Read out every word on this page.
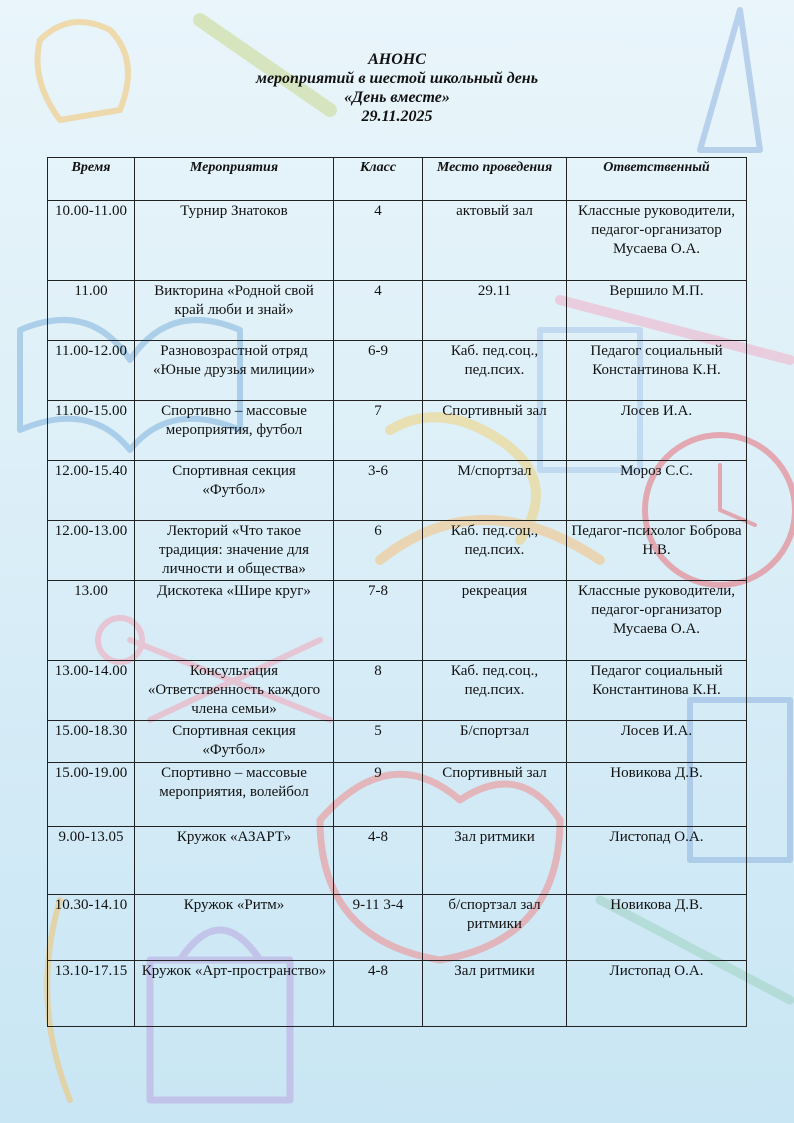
АНОНС
мероприятий в шестой школьный день
«День вместе»
29.11.2025
Время	Мероприятия	Класс	Место проведения	Ответственный
10.00-11.00	Турнир Знатоков	4	актовый зал	Классные руководители, педагог-организатор Мусаева О.А.
11.00	Викторина «Родной свой край люби и знай»	4	29.11	Вершило М.П.
11.00-12.00	Разновозрастной отряд «Юные друзья милиции»	6-9	Каб. пед.соц., пед.псих.	Педагог социальный Константинова К.Н.
11.00-15.00	Спортивно – массовые мероприятия, футбол	7	Спортивный зал	Лосев И.А.
12.00-15.40	Спортивная секция «Футбол»	3-6	М/спортзал	Мороз С.С.
12.00-13.00	Лекторий «Что такое традиция: значение для личности и общества»	6	Каб. пед.соц., пед.псих.	Педагог-психолог Боброва Н.В.
13.00	Дискотека «Шире круг»	7-8	рекреация	Классные руководители, педагог-организатор Мусаева О.А.
13.00-14.00	Консультация «Ответственность каждого члена семьи»	8	Каб. пед.соц., пед.псих.	Педагог социальный Константинова К.Н.
15.00-18.30	Спортивная секция «Футбол»	5	Б/спортзал	Лосев И.А.
15.00-19.00	Спортивно – массовые мероприятия, волейбол	9	Спортивный зал	Новикова Д.В.
9.00-13.05	Кружок «АЗАРТ»	4-8	Зал ритмики	Листопад О.А.
10.30-14.10	Кружок «Ритм»	9-11 3-4	б/спортзал зал ритмики	Новикова Д.В.
13.10-17.15	Кружок «Арт-пространство»	4-8	Зал ритмики	Листопад О.А.
